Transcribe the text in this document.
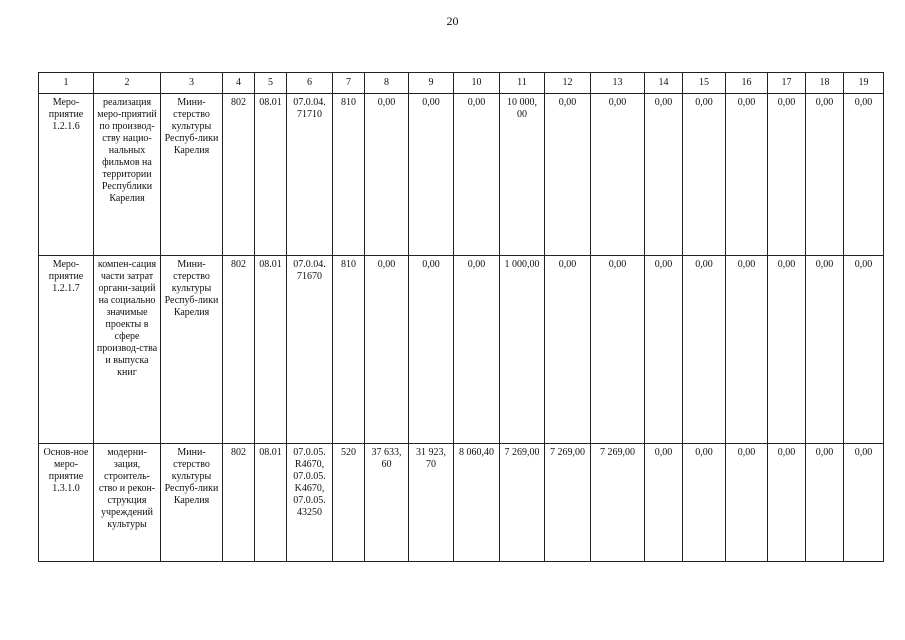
20
1	2	3	4	5	6	7	8	9	10	11	12	13	14	15	16	17	18	19
Меро-приятие 1.2.1.6	реализация меро-приятий по производ-ству нацио-нальных фильмов на территории Республики Карелия	Мини-стерство культуры Респуб-лики Карелия	802	08.01	07.0.04. 71710	810	0,00	0,00	0,00	10 000, 00	0,00	0,00	0,00	0,00	0,00	0,00	0,00	0,00
Меро-приятие 1.2.1.7	компен-сация части затрат органи-заций на социально значимые проекты в сфере производ-ства и выпуска книг	Мини-стерство культуры Респуб-лики Карелия	802	08.01	07.0.04. 71670	810	0,00	0,00	0,00	1 000,00	0,00	0,00	0,00	0,00	0,00	0,00	0,00	0,00
Основ-ное меро-приятие 1.3.1.0	модерни-зация, строитель-ство и рекон-струкция учреждений культуры	Мини-стерство культуры Респуб-лики Карелия	802	08.01	07.0.05. R4670, 07.0.05. K4670, 07.0.05. 43250	520	37 633, 60	31 923, 70	8 060,40	7 269,00	7 269,00	7 269,00	0,00	0,00	0,00	0,00	0,00	0,00
